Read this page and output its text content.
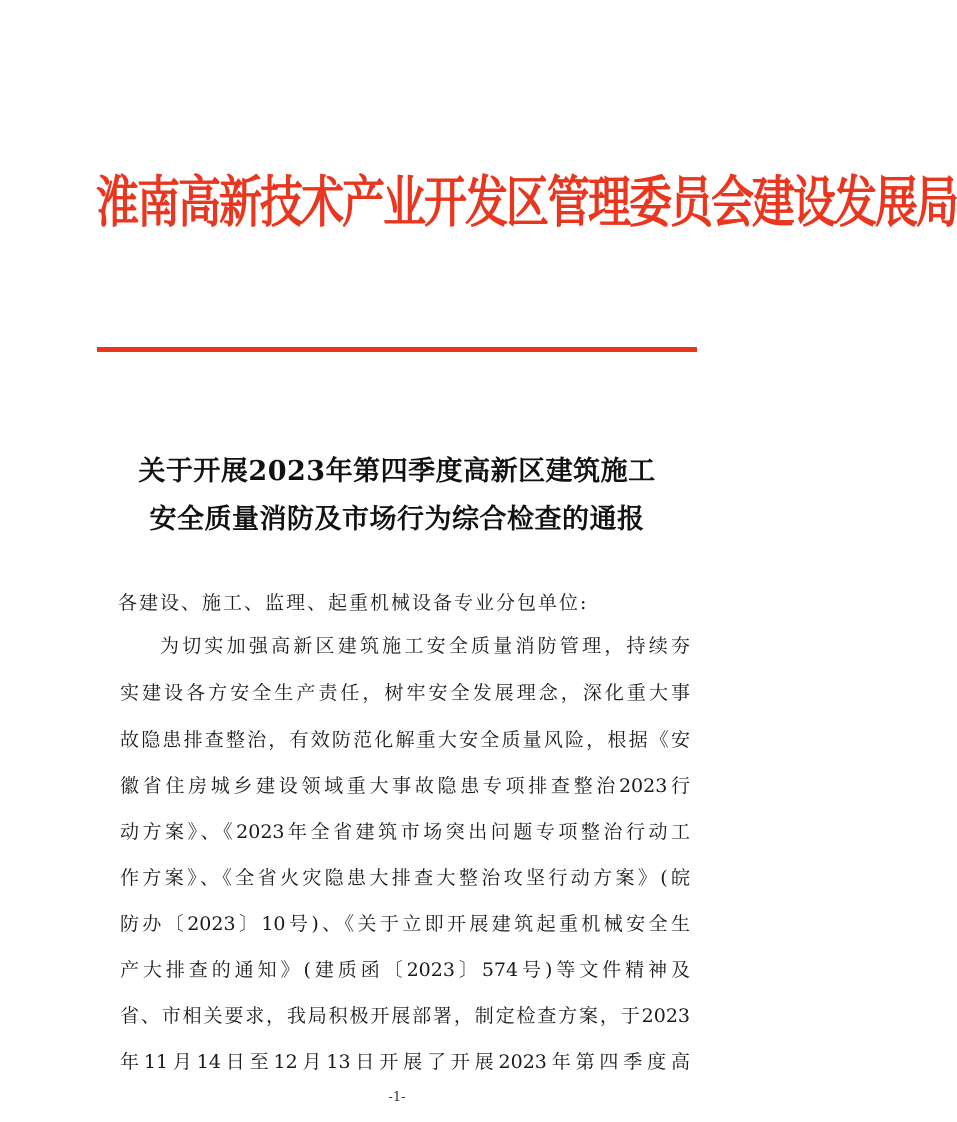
淮南高新技术产业开发区管理委员会建设发展局
关于开展2023年第四季度高新区建筑施工
安全质量消防及市场行为综合检查的通报
各建设、施工、监理、起重机械设备专业分包单位:
为切实加强高新区建筑施工安全质量消防管理，持续夯
实建设各方安全生产责任，树牢安全发展理念，深化重大事
故隐患排查整治，有效防范化解重大安全质量风险，根据《安
徽省住房城乡建设领域重大事故隐患专项排查整治2023行
动方案》、《2023年全省建筑市场突出问题专项整治行动工
作方案》、《全省火灾隐患大排查大整治攻坚行动方案》(皖
防办〔2023〕10号)、《关于立即开展建筑起重机械安全生
产大排查的通知》(建质函〔2023〕574号)等文件精神及
省、市相关要求，我局积极开展部署，制定检查方案，于2023
年11月14日至12月13日开展了开展2023年第四季度高
-1-
